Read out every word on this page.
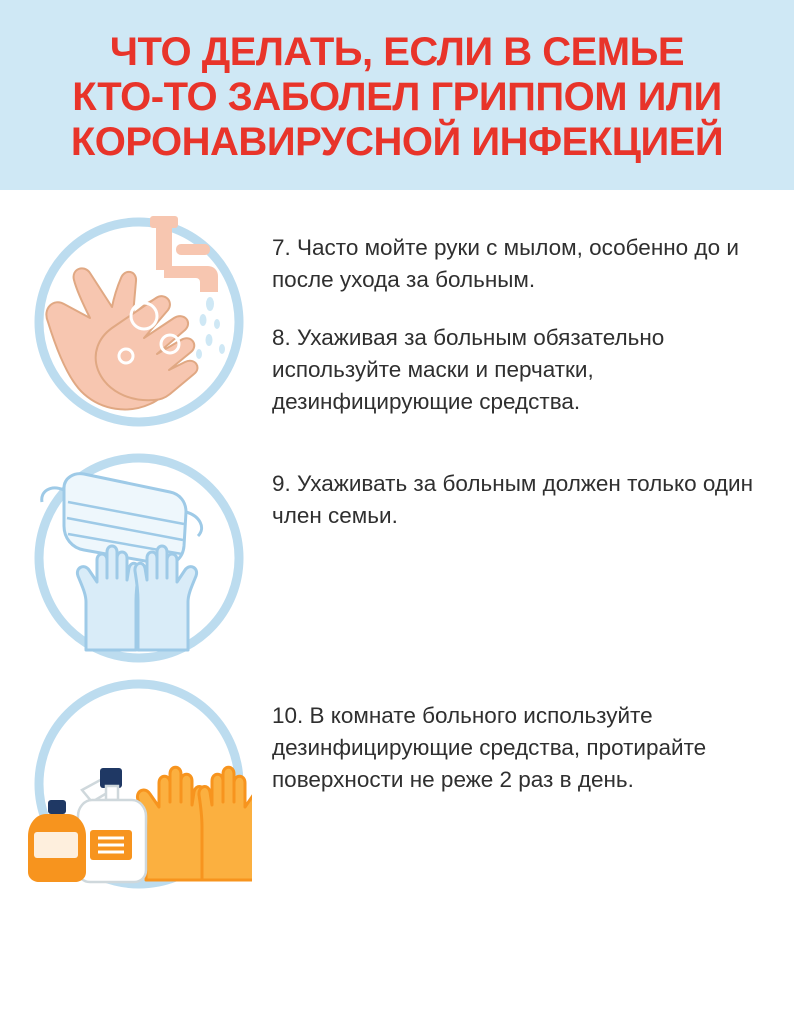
ЧТО ДЕЛАТЬ, ЕСЛИ В СЕМЬЕ
КТО-ТО ЗАБОЛЕЛ ГРИППОМ ИЛИ
КОРОНАВИРУСНОЙ ИНФЕКЦИЕЙ

7. Часто мойте руки с мылом, особенно до и после ухода за больным.

8. Ухаживая за больным обязательно используйте маски и перчатки, дезинфицирующие средства.

9. Ухаживать за больным должен только один член семьи.

10. В комнате больного используйте дезинфицирующие средства, протирайте поверхности не реже 2 раз в день.
